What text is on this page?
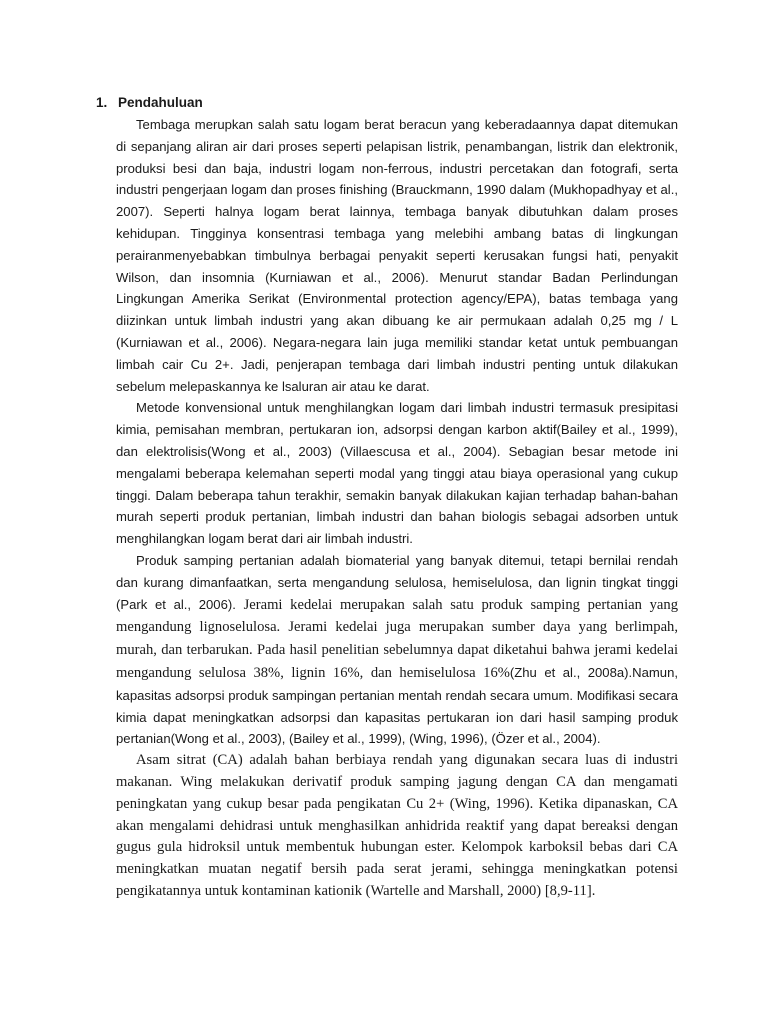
1. Pendahuluan

Tembaga merupkan salah satu logam berat beracun yang keberadaannya dapat ditemukan di sepanjang aliran air dari proses seperti pelapisan listrik, penambangan, listrik dan elektronik, produksi besi dan baja, industri logam non-ferrous, industri percetakan dan fotografi, serta industri pengerjaan logam dan proses finishing (Brauckmann, 1990 dalam (Mukhopadhyay et al., 2007). Seperti halnya logam berat lainnya, tembaga banyak dibutuhkan dalam proses kehidupan. Tingginya konsentrasi tembaga yang melebihi ambang batas di lingkungan perairanmenyebabkan timbulnya berbagai penyakit seperti kerusakan fungsi hati, penyakit Wilson, dan insomnia (Kurniawan et al., 2006). Menurut standar Badan Perlindungan Lingkungan Amerika Serikat (Environmental protection agency/EPA), batas tembaga yang diizinkan untuk limbah industri yang akan dibuang ke air permukaan adalah 0,25 mg / L (Kurniawan et al., 2006). Negara-negara lain juga memiliki standar ketat untuk pembuangan limbah cair Cu 2+. Jadi, penjerapan tembaga dari limbah industri penting untuk dilakukan sebelum melepaskannya ke lsaluran air atau ke darat.

Metode konvensional untuk menghilangkan logam dari limbah industri termasuk presipitasi kimia, pemisahan membran, pertukaran ion, adsorpsi dengan karbon aktif(Bailey et al., 1999), dan elektrolisis(Wong et al., 2003) (Villaescusa et al., 2004). Sebagian besar metode ini mengalami beberapa kelemahan seperti modal yang tinggi atau biaya operasional yang cukup tinggi. Dalam beberapa tahun terakhir, semakin banyak dilakukan kajian terhadap bahan-bahan murah seperti produk pertanian, limbah industri dan bahan biologis sebagai adsorben untuk menghilangkan logam berat dari air limbah industri.

Produk samping pertanian adalah biomaterial yang banyak ditemui, tetapi bernilai rendah dan kurang dimanfaatkan, serta mengandung selulosa, hemiselulosa, dan lignin tingkat tinggi (Park et al., 2006). Jerami kedelai merupakan salah satu produk samping pertanian yang mengandung lignoselulosa. Jerami kedelai juga merupakan sumber daya yang berlimpah, murah, dan terbarukan. Pada hasil penelitian sebelumnya dapat diketahui bahwa jerami kedelai mengandung selulosa 38%, lignin 16%, dan hemiselulosa 16%(Zhu et al., 2008a).Namun, kapasitas adsorpsi produk sampingan pertanian mentah rendah secara umum. Modifikasi secara kimia dapat meningkatkan adsorpsi dan kapasitas pertukaran ion dari hasil samping produk pertanian(Wong et al., 2003), (Bailey et al., 1999), (Wing, 1996), (Özer et al., 2004).

Asam sitrat (CA) adalah bahan berbiaya rendah yang digunakan secara luas di industri makanan. Wing melakukan derivatif produk samping jagung dengan CA dan mengamati peningkatan yang cukup besar pada pengikatan Cu 2+ (Wing, 1996). Ketika dipanaskan, CA akan mengalami dehidrasi untuk menghasilkan anhidrida reaktif yang dapat bereaksi dengan gugus gula hidroksil untuk membentuk hubungan ester. Kelompok karboksil bebas dari CA meningkatkan muatan negatif bersih pada serat jerami, sehingga meningkatkan potensi pengikatannya untuk kontaminan kationik (Wartelle and Marshall, 2000) [8,9-11].
